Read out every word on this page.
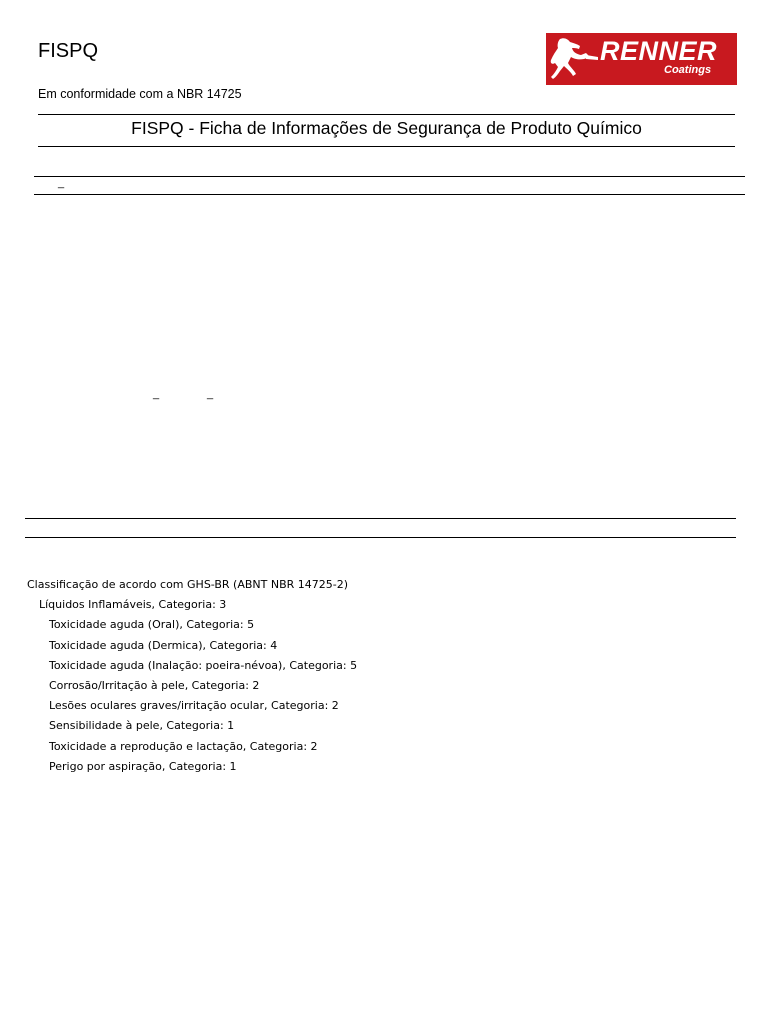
FISPQ
Em conformidade com a NBR 14725
RENNER
Coatings
FISPQ - Ficha de Informações de Segurança de Produto Químico
_
_	_
Classificação de acordo com GHS-BR (ABNT NBR 14725-2)
Líquidos Inflamáveis, Categoria: 3
Toxicidade aguda (Oral), Categoria: 5
Toxicidade aguda (Dermica), Categoria: 4
Toxicidade aguda (Inalação: poeira-névoa), Categoria: 5
Corrosão/Irritação à pele, Categoria: 2
Lesões oculares graves/irritação ocular, Categoria: 2
Sensibilidade à pele, Categoria: 1
Toxicidade a reprodução e lactação, Categoria: 2
Perigo por aspiração, Categoria: 1
